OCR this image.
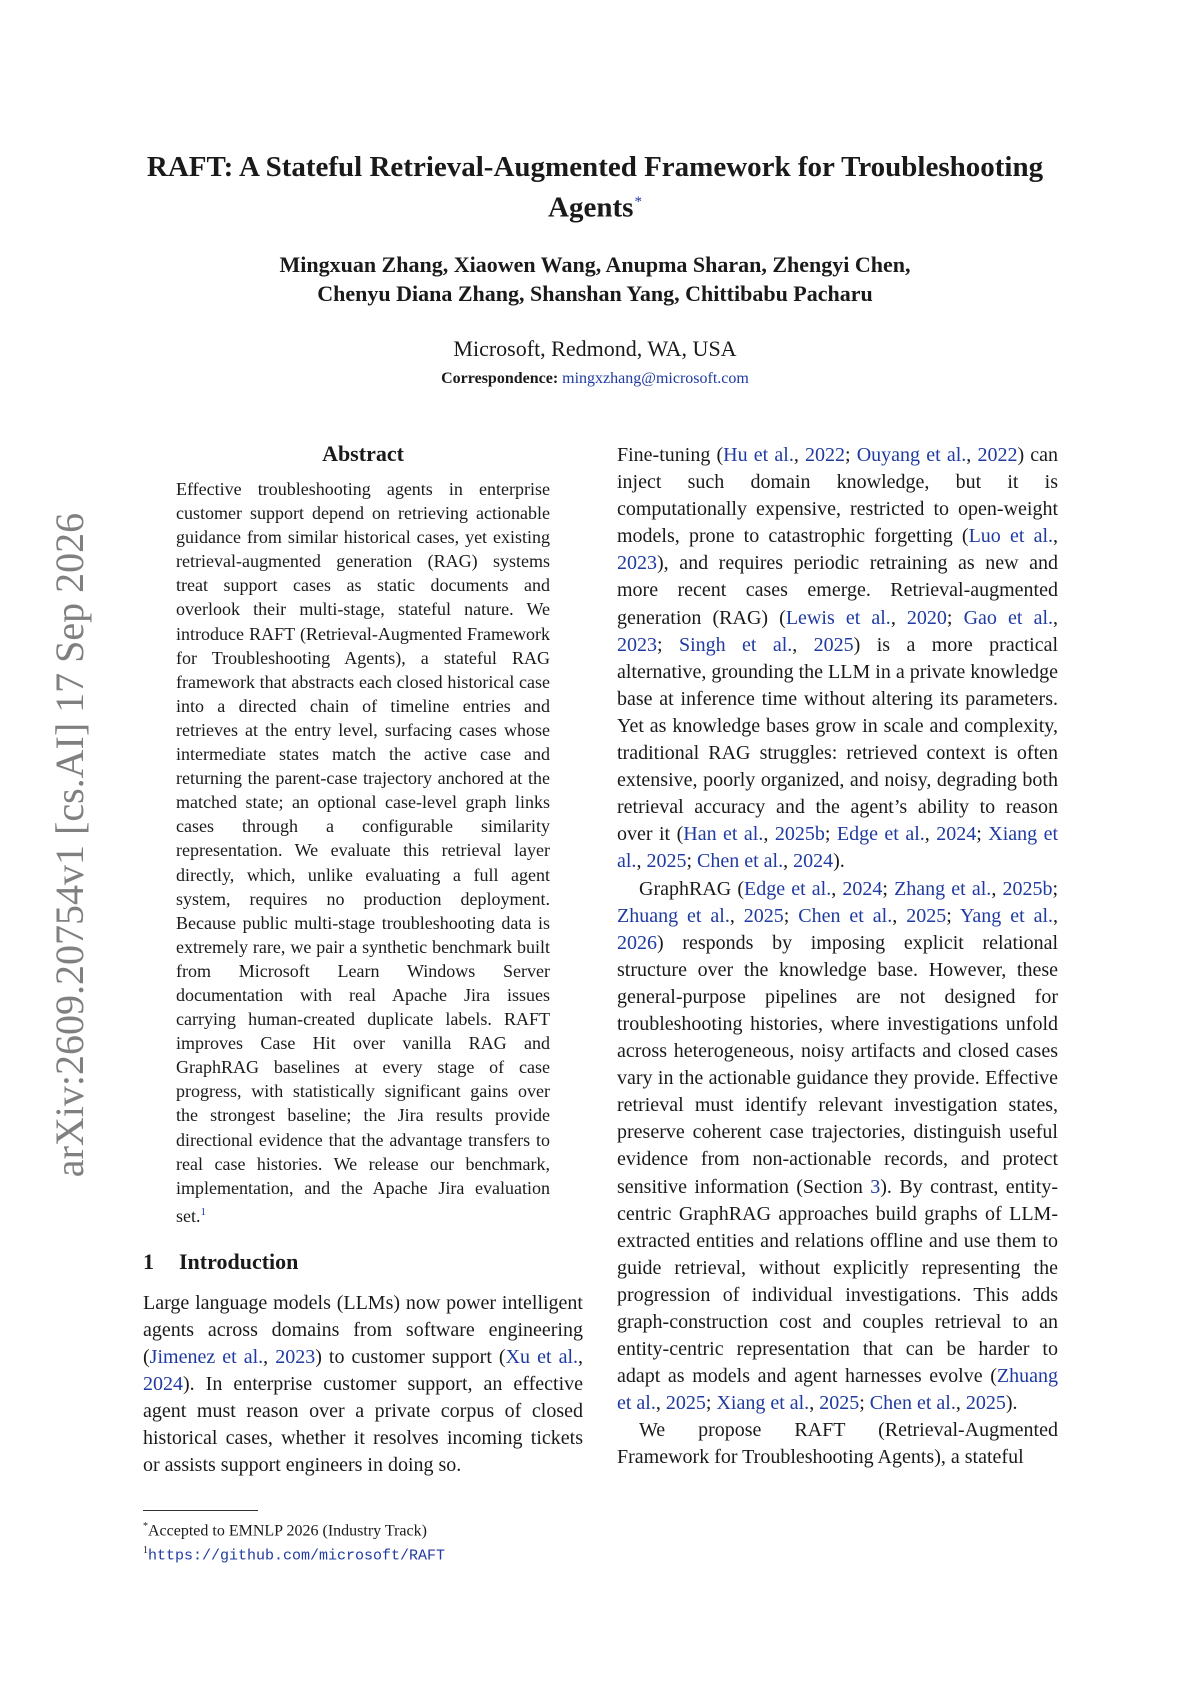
arXiv:2609.20754v1 [cs.AI] 17 Sep 2026
RAFT: A Stateful Retrieval-Augmented Framework for Troubleshooting Agents*
Mingxuan Zhang, Xiaowen Wang, Anupma Sharan, Zhengyi Chen,
Chenyu Diana Zhang, Shanshan Yang, Chittibabu Pacharu
Microsoft, Redmond, WA, USA
Correspondence: mingxzhang@microsoft.com
Abstract
Effective troubleshooting agents in enterprise customer support depend on retrieving actionable guidance from similar historical cases, yet existing retrieval-augmented generation (RAG) systems treat support cases as static documents and overlook their multi-stage, stateful nature. We introduce RAFT (Retrieval-Augmented Framework for Troubleshooting Agents), a stateful RAG framework that abstracts each closed historical case into a directed chain of timeline entries and retrieves at the entry level, surfacing cases whose intermediate states match the active case and returning the parent-case trajectory anchored at the matched state; an optional case-level graph links cases through a configurable similarity representation. We evaluate this retrieval layer directly, which, unlike evaluating a full agent system, requires no production deployment. Because public multi-stage troubleshooting data is extremely rare, we pair a synthetic benchmark built from Microsoft Learn Windows Server documentation with real Apache Jira issues carrying human-created duplicate labels. RAFT improves Case Hit over vanilla RAG and GraphRAG baselines at every stage of case progress, with statistically significant gains over the strongest baseline; the Jira results provide directional evidence that the advantage transfers to real case histories. We release our benchmark, implementation, and the Apache Jira evaluation set.$^1$
1 Introduction

Large language models (LLMs) now power intelligent agents across domains from software engineering (Jimenez et al., 2023) to customer support (Xu et al., 2024). In enterprise customer support, an effective agent must reason over a private corpus of closed historical cases, whether it resolves incoming tickets or assists support engineers in doing so.

*Accepted to EMNLP 2026 (Industry Track)
$^1$https://github.com/microsoft/RAFT

Fine-tuning (Hu et al., 2022; Ouyang et al., 2022) can inject such domain knowledge, but it is computationally expensive, restricted to open-weight models, prone to catastrophic forgetting (Luo et al., 2023), and requires periodic retraining as new and more recent cases emerge. Retrieval-augmented generation (RAG) (Lewis et al., 2020; Gao et al., 2023; Singh et al., 2025) is a more practical alternative, grounding the LLM in a private knowledge base at inference time without altering its parameters. Yet as knowledge bases grow in scale and complexity, traditional RAG struggles: retrieved context is often extensive, poorly organized, and noisy, degrading both retrieval accuracy and the agent’s ability to reason over it (Han et al., 2025b; Edge et al., 2024; Xiang et al., 2025; Chen et al., 2024).

GraphRAG (Edge et al., 2024; Zhang et al., 2025b; Zhuang et al., 2025; Chen et al., 2025; Yang et al., 2026) responds by imposing explicit relational structure over the knowledge base. However, these general-purpose pipelines are not designed for troubleshooting histories, where investigations unfold across heterogeneous, noisy artifacts and closed cases vary in the actionable guidance they provide. Effective retrieval must identify relevant investigation states, preserve coherent case trajectories, distinguish useful evidence from non-actionable records, and protect sensitive information (Section 3). By contrast, entity-centric GraphRAG approaches build graphs of LLM-extracted entities and relations offline and use them to guide retrieval, without explicitly representing the progression of individual investigations. This adds graph-construction cost and couples retrieval to an entity-centric representation that can be harder to adapt as models and agent harnesses evolve (Zhuang et al., 2025; Xiang et al., 2025; Chen et al., 2025).

We propose RAFT (Retrieval-Augmented Framework for Troubleshooting Agents), a stateful
